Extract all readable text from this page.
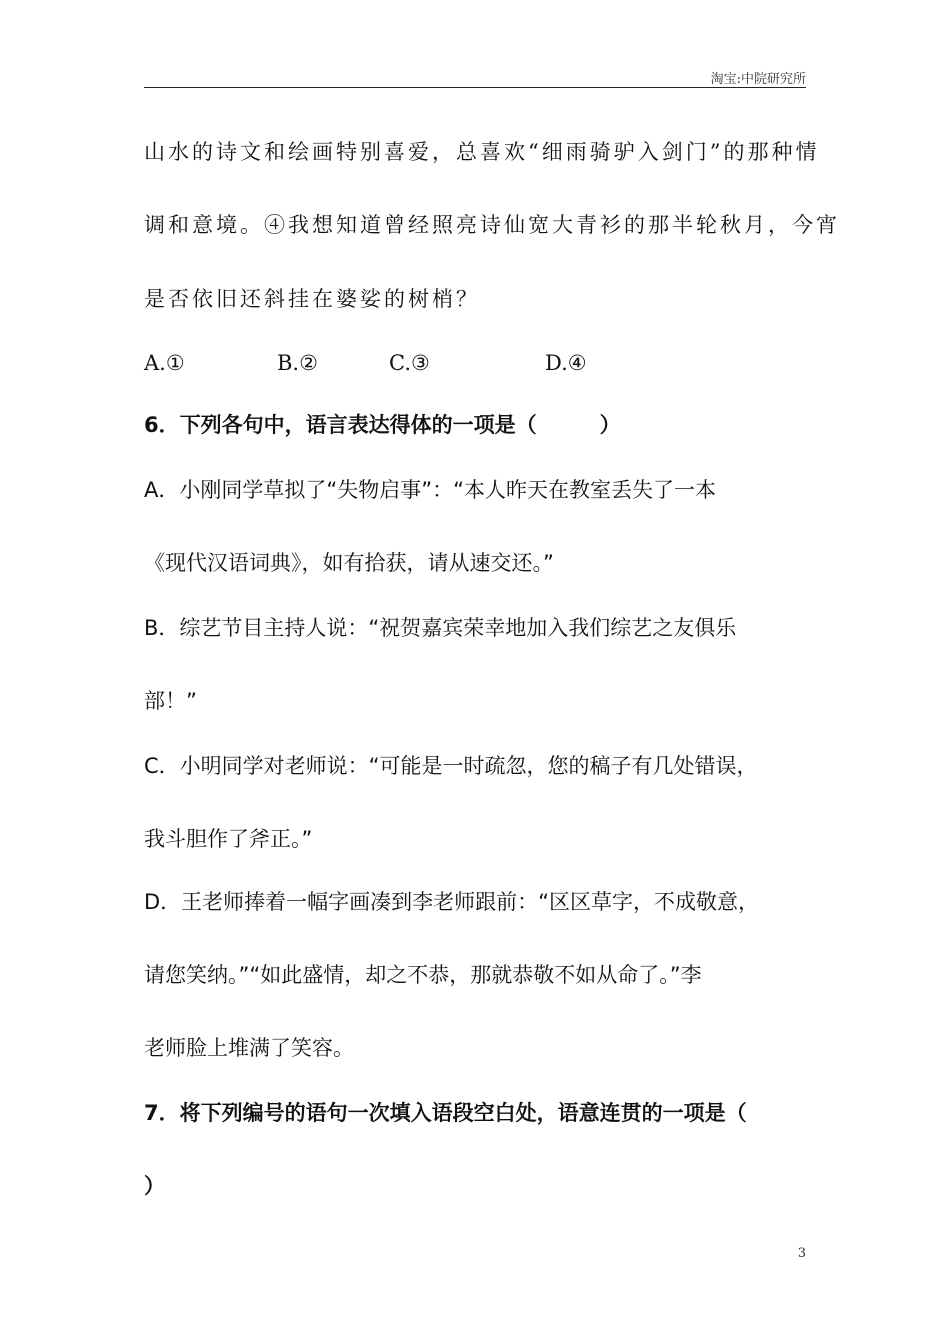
淘宝:中院研究所
山水的诗文和绘画特别喜爱，总喜欢“细雨骑驴入剑门”的那种情
调和意境。④我想知道曾经照亮诗仙宽大青衫的那半轮秋月，今宵
是否依旧还斜挂在婆娑的树梢？
A.①	B.②	C.③	D.④
6．下列各句中，语言表达得体的一项是（　　　）
A．小刚同学草拟了“失物启事”：“本人昨天在教室丢失了一本
《现代汉语词典》，如有拾获，请从速交还。”
B．综艺节目主持人说：“祝贺嘉宾荣幸地加入我们综艺之友俱乐
部！”
C．小明同学对老师说：“可能是一时疏忽，您的稿子有几处错误，
我斗胆作了斧正。”
D．王老师捧着一幅字画凑到李老师跟前：“区区草字，不成敬意，
请您笑纳。”“如此盛情，却之不恭，那就恭敬不如从命了。”李
老师脸上堆满了笑容。
7．将下列编号的语句一次填入语段空白处，语意连贯的一项是（
）
3
